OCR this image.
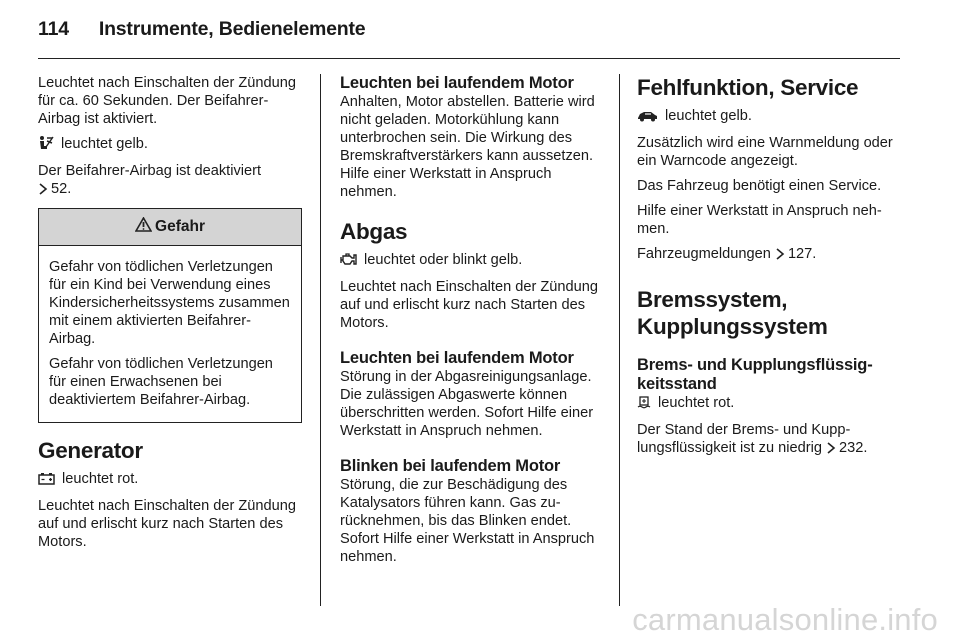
114 Instrumente, Bedienelemente

Leuchtet nach Einschalten der Zündung für ca. 60 Sekunden. Der Beifahrer-Airbag ist aktiviert.

leuchtet gelb.

Der Beifahrer-Airbag ist deaktiviert
52.

Gefahr

Gefahr von tödlichen Verletzungen für ein Kind bei Verwendung eines Kindersicherheitssystems zusammen mit einem aktivierten Beifahrer-Airbag.

Gefahr von tödlichen Verletzungen für einen Erwachsenen bei deaktiviertem Beifahrer-Airbag.

Generator

leuchtet rot.

Leuchtet nach Einschalten der Zündung auf und erlischt kurz nach Starten des Motors.

Leuchten bei laufendem Motor

Anhalten, Motor abstellen. Batterie wird nicht geladen. Motorkühlung kann unterbrochen sein. Die Wirkung des Bremskraftverstärkers kann aussetzen. Hilfe einer Werkstatt in Anspruch nehmen.

Abgas

leuchtet oder blinkt gelb.

Leuchtet nach Einschalten der Zündung auf und erlischt kurz nach Starten des Motors.

Leuchten bei laufendem Motor

Störung in der Abgasreinigungsanlage. Die zulässigen Abgaswerte können überschritten werden. Sofort Hilfe einer Werkstatt in Anspruch nehmen.

Blinken bei laufendem Motor

Störung, die zur Beschädigung des Katalysators führen kann. Gas zurücknehmen, bis das Blinken endet. Sofort Hilfe einer Werkstatt in Anspruch nehmen.

Fehlfunktion, Service

leuchtet gelb.

Zusätzlich wird eine Warnmeldung oder ein Warncode angezeigt.

Das Fahrzeug benötigt einen Service.

Hilfe einer Werkstatt in Anspruch nehmen.

Fahrzeugmeldungen 127.

Bremssystem, Kupplungssystem
Brems- und Kupplungsflüssigkeitsstand

leuchtet rot.

Der Stand der Brems- und Kupplungsflüssigkeit ist zu niedrig 232.

carmanualsonline.info
